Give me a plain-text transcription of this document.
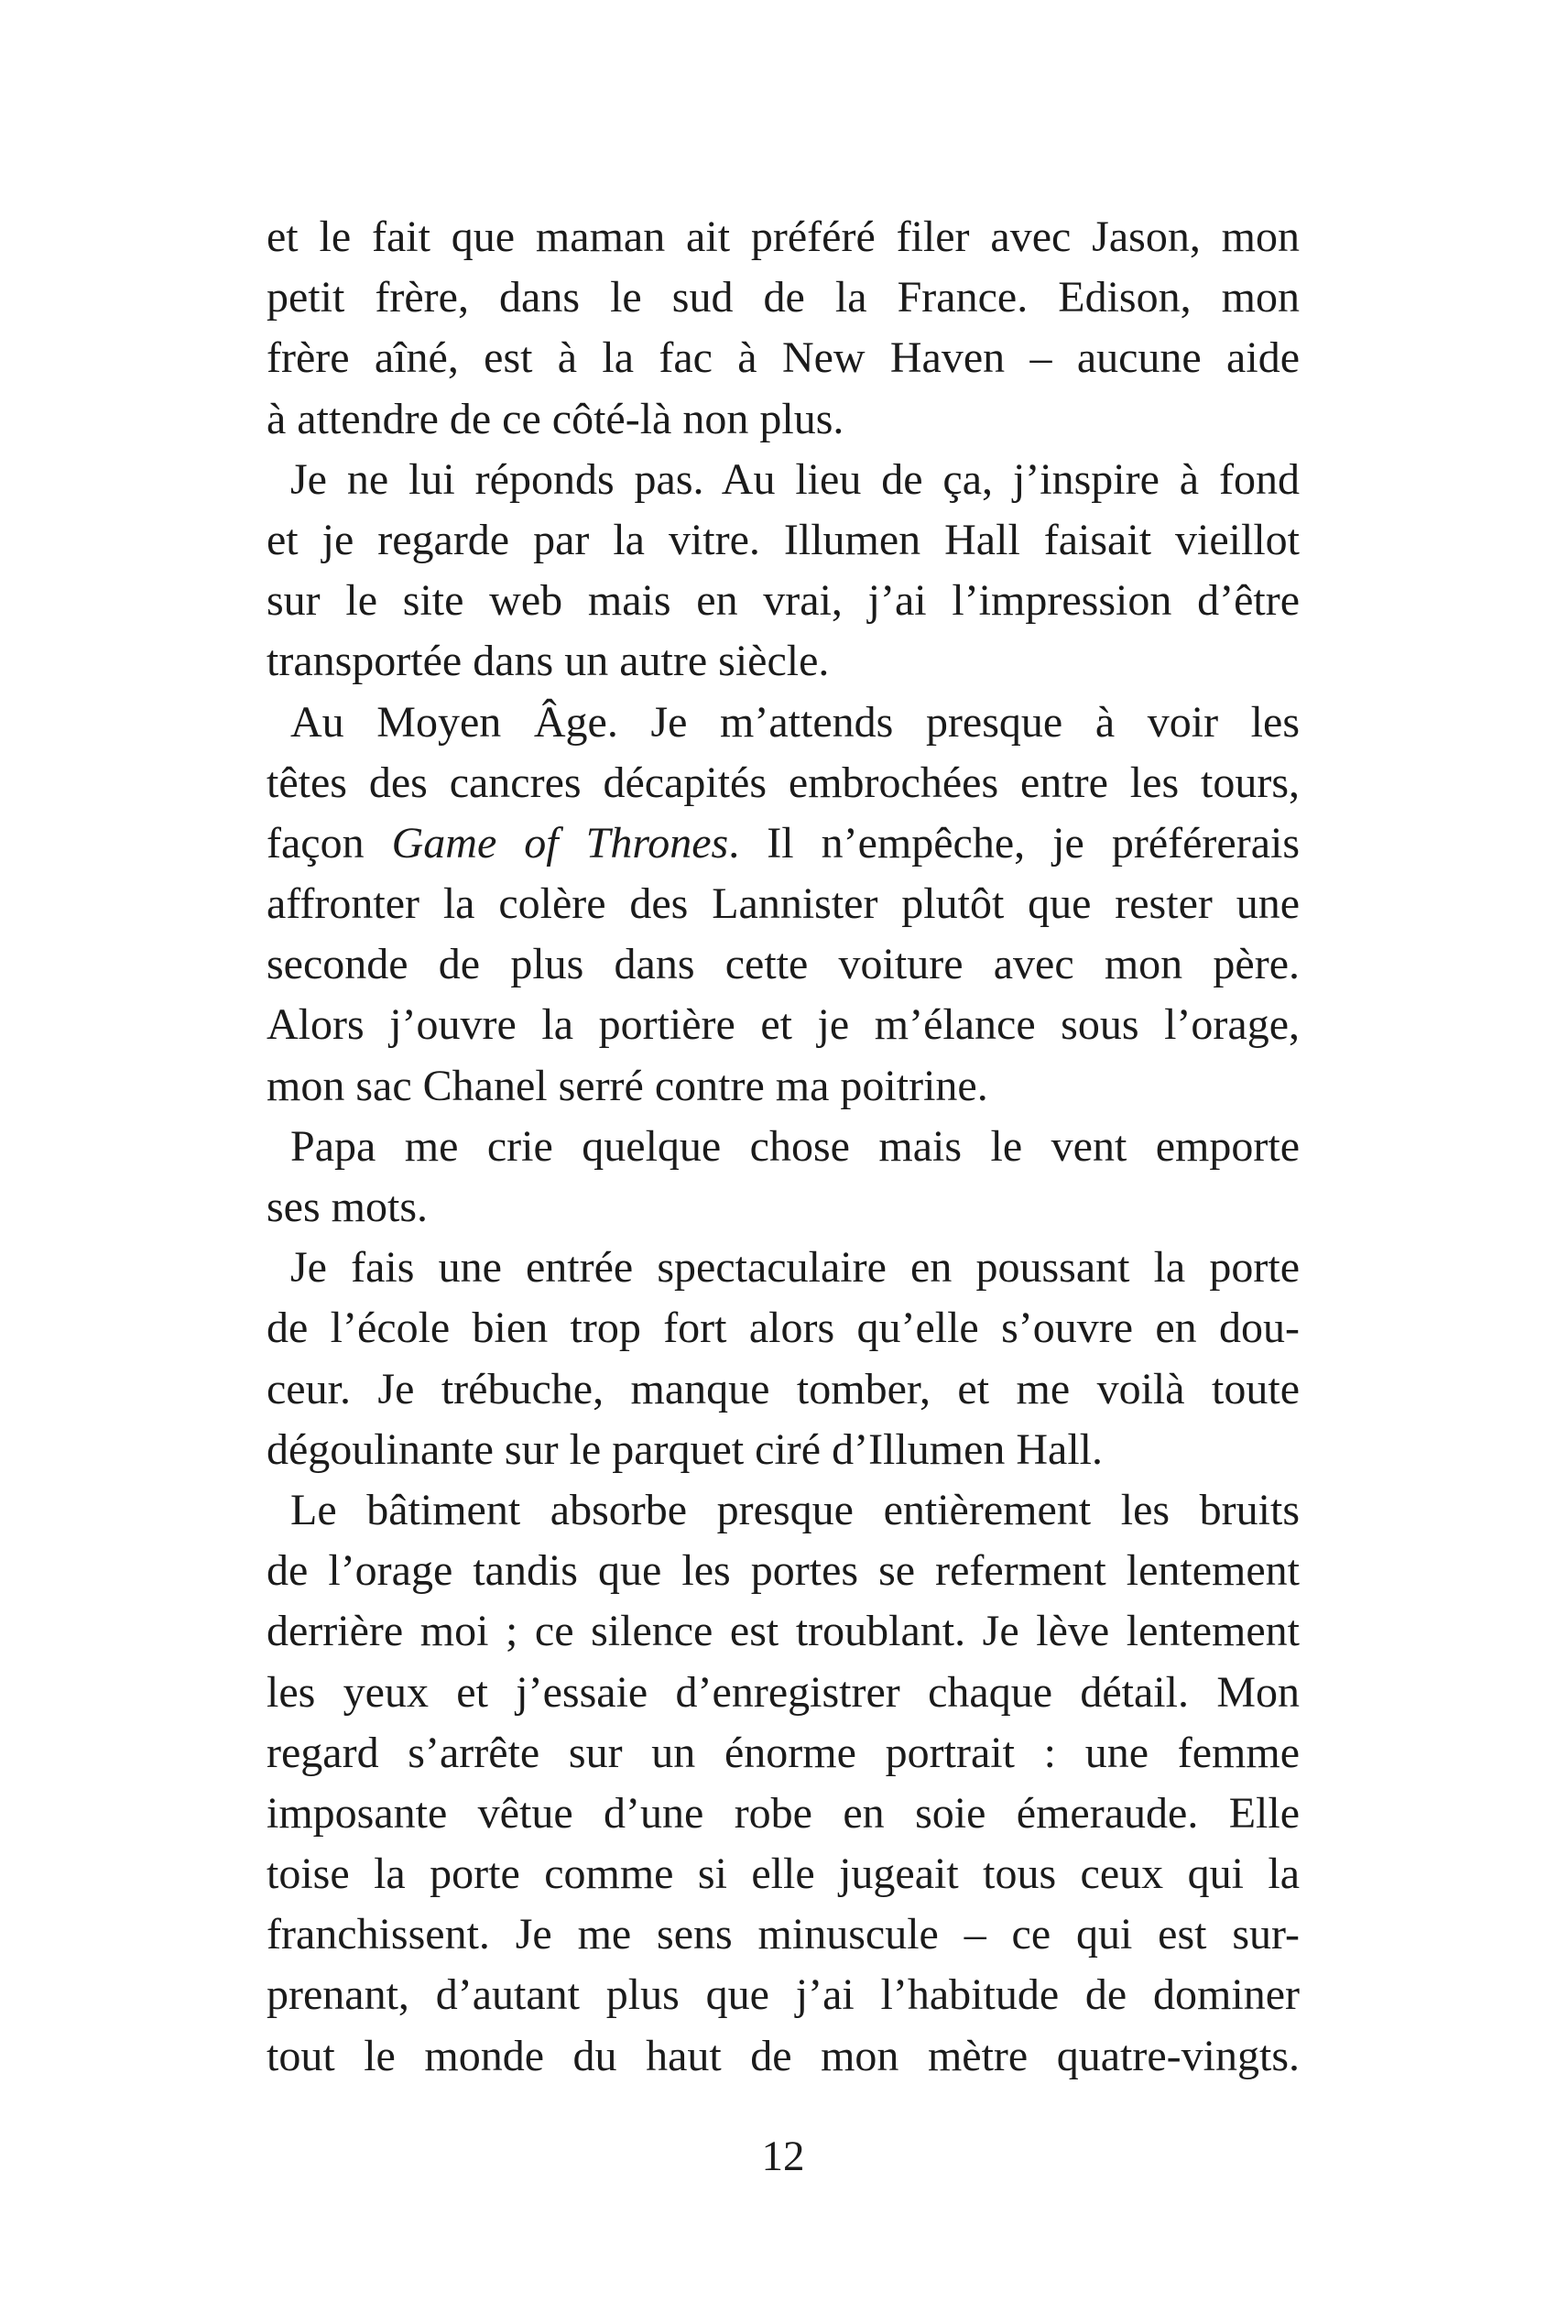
et le fait que maman ait préféré filer avec Jason, mon
petit frère, dans le sud de la France. Edison, mon
frère aîné, est à la fac à New Haven – aucune aide
à attendre de ce côté-là non plus.
Je ne lui réponds pas. Au lieu de ça, j’inspire à fond
et je regarde par la vitre. Illumen Hall faisait vieillot
sur le site web mais en vrai, j’ai l’impression d’être
transportée dans un autre siècle.
Au Moyen Âge. Je m’attends presque à voir les
têtes des cancres décapités embrochées entre les tours,
façon Game of Thrones. Il n’empêche, je préférerais
affronter la colère des Lannister plutôt que rester une
seconde de plus dans cette voiture avec mon père.
Alors j’ouvre la portière et je m’élance sous l’orage,
mon sac Chanel serré contre ma poitrine.
Papa me crie quelque chose mais le vent emporte
ses mots.
Je fais une entrée spectaculaire en poussant la porte
de l’école bien trop fort alors qu’elle s’ouvre en dou-
ceur. Je trébuche, manque tomber, et me voilà toute
dégoulinante sur le parquet ciré d’Illumen Hall.
Le bâtiment absorbe presque entièrement les bruits
de l’orage tandis que les portes se referment lentement
derrière moi ; ce silence est troublant. Je lève lentement
les yeux et j’essaie d’enregistrer chaque détail. Mon
regard s’arrête sur un énorme portrait : une femme
imposante vêtue d’une robe en soie émeraude. Elle
toise la porte comme si elle jugeait tous ceux qui la
franchissent. Je me sens minuscule – ce qui est sur-
prenant, d’autant plus que j’ai l’habitude de dominer
tout le monde du haut de mon mètre quatre-vingts.
12
